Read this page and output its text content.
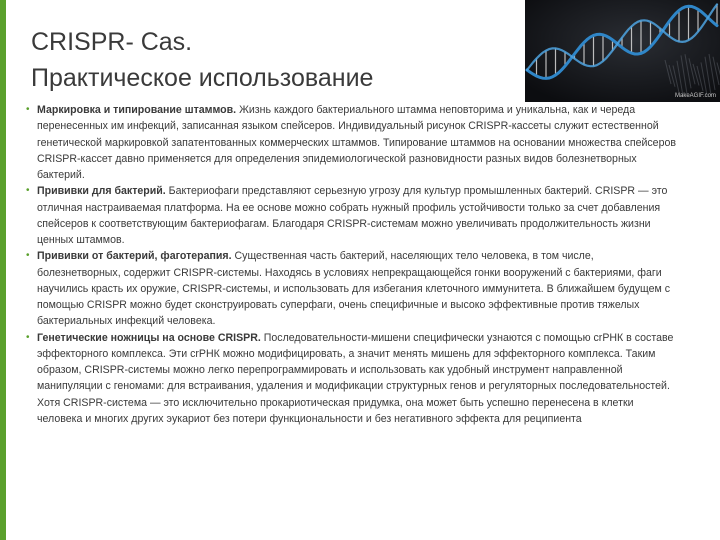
CRISPR- Cas.
Практическое использование
MakeAGIF.com

• Маркировка и типирование штаммов. Жизнь каждого бактериального штамма неповторима и уникальна, как и череда перенесенных им инфекций, записанная языком спейсеров. Индивидуальный рисунок CRISPR-кассеты служит естественной генетической маркировкой запатентованных коммерческих штаммов. Типирование штаммов на основании множества спейсеров CRISPR-кассет давно применяется для определения эпидемиологической разновидности разных видов болезнетворных бактерий.

• Прививки для бактерий. Бактериофаги представляют серьезную угрозу для культур промышленных бактерий. CRISPR — это отличная настраиваемая платформа. На ее основе можно собрать нужный профиль устойчивости только за счет добавления спейсеров к соответствующим бактериофагам. Благодаря CRISPR-системам можно увеличивать продолжительность жизни ценных штаммов.

• Прививки от бактерий, фаготерапия. Существенная часть бактерий, населяющих тело человека, в том числе, болезнетворных, содержит CRISPR-системы. Находясь в условиях непрекращающейся гонки вооружений с бактериями, фаги научились красть их оружие, CRISPR-системы, и использовать для избегания клеточного иммунитета. В ближайшем будущем с помощью CRISPR можно будет сконструировать суперфаги, очень специфичные и высоко эффективные против тяжелых бактериальных инфекций человека.

• Генетические ножницы на основе CRISPR. Последовательности-мишени специфически узнаются с помощью crРНК в составе эффекторного комплекса. Эти crРНК можно модифицировать, а значит менять мишень для эффекторного комплекса. Таким образом, CRISPR-системы можно легко перепрограммировать и использовать как удобный инструмент направленной манипуляции с геномами: для встраивания, удаления и модификации структурных генов и регуляторных последовательностей. Хотя CRISPR-система — это исключительно прокариотическая придумка, она может быть успешно перенесена в клетки человека и многих других эукариот без потери функциональности и без негативного эффекта для реципиента
